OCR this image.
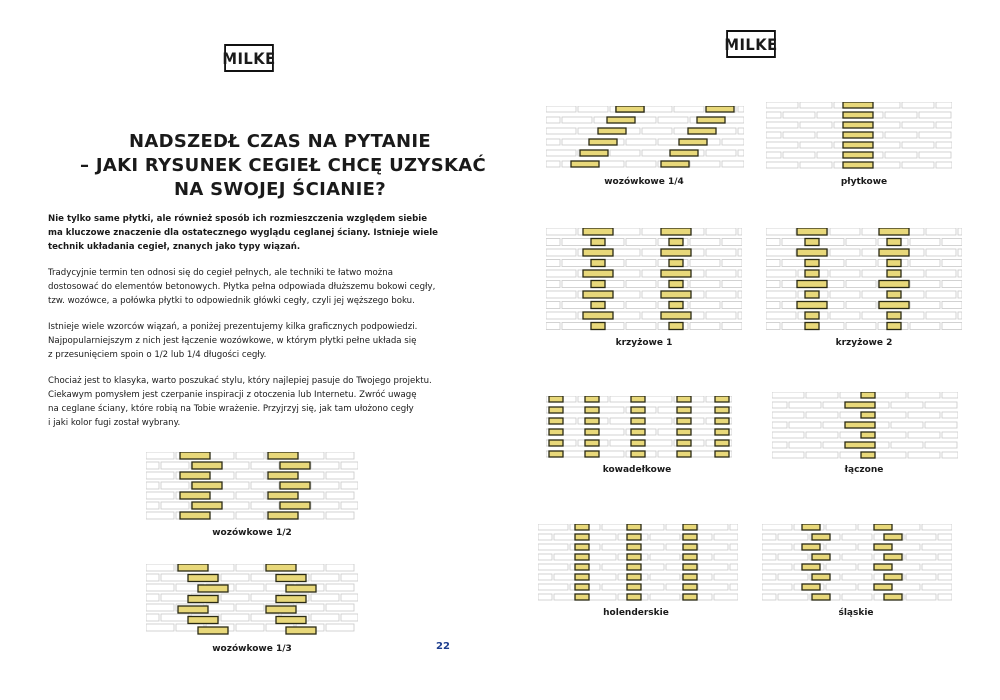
MILKE
MILKE
NADSZEDŁ CZAS NA PYTANIE
– JAKI RYSUNEK CEGIEŁ CHCĘ UZYSKAĆ
NA SWOJEJ ŚCIANIE?

Nie tylko same płytki, ale również sposób ich rozmieszczenia względem siebie
ma kluczowe znaczenie dla ostatecznego wyglądu ceglanej ściany. Istnieje wiele
technik układania cegieł, znanych jako typy wiązań.

Tradycyjnie termin ten odnosi się do cegieł pełnych, ale techniki te łatwo można
dostosować do elementów betonowych. Płytka pełna odpowiada dłuższemu bokowi cegły,
tzw. wozówce, a połówka płytki to odpowiednik główki cegły, czyli jej węższego boku.

Istnieje wiele wzorców wiązań, a poniżej prezentujemy kilka graficznych podpowiedzi.
Najpopularniejszym z nich jest łączenie wozówkowe, w którym płytki pełne układa się
z przesunięciem spoin o 1/2 lub 1/4 długości cegły.

Chociaż jest to klasyka, warto poszukać stylu, który najlepiej pasuje do Twojego projektu.
Ciekawym pomysłem jest czerpanie inspiracji z otoczenia lub Internetu. Zwróć uwagę
na ceglane ściany, które robią na Tobie wrażenie. Przyjrzyj się, jak tam ułożono cegły
i jaki kolor fugi został wybrany.

22
wozówkowe 1/2
wozówkowe 1/3
wozówkowe 1/4	płytkowe
krzyżowe 1	krzyżowe 2
kowadełkowe	łączone
holenderskie	śląskie
